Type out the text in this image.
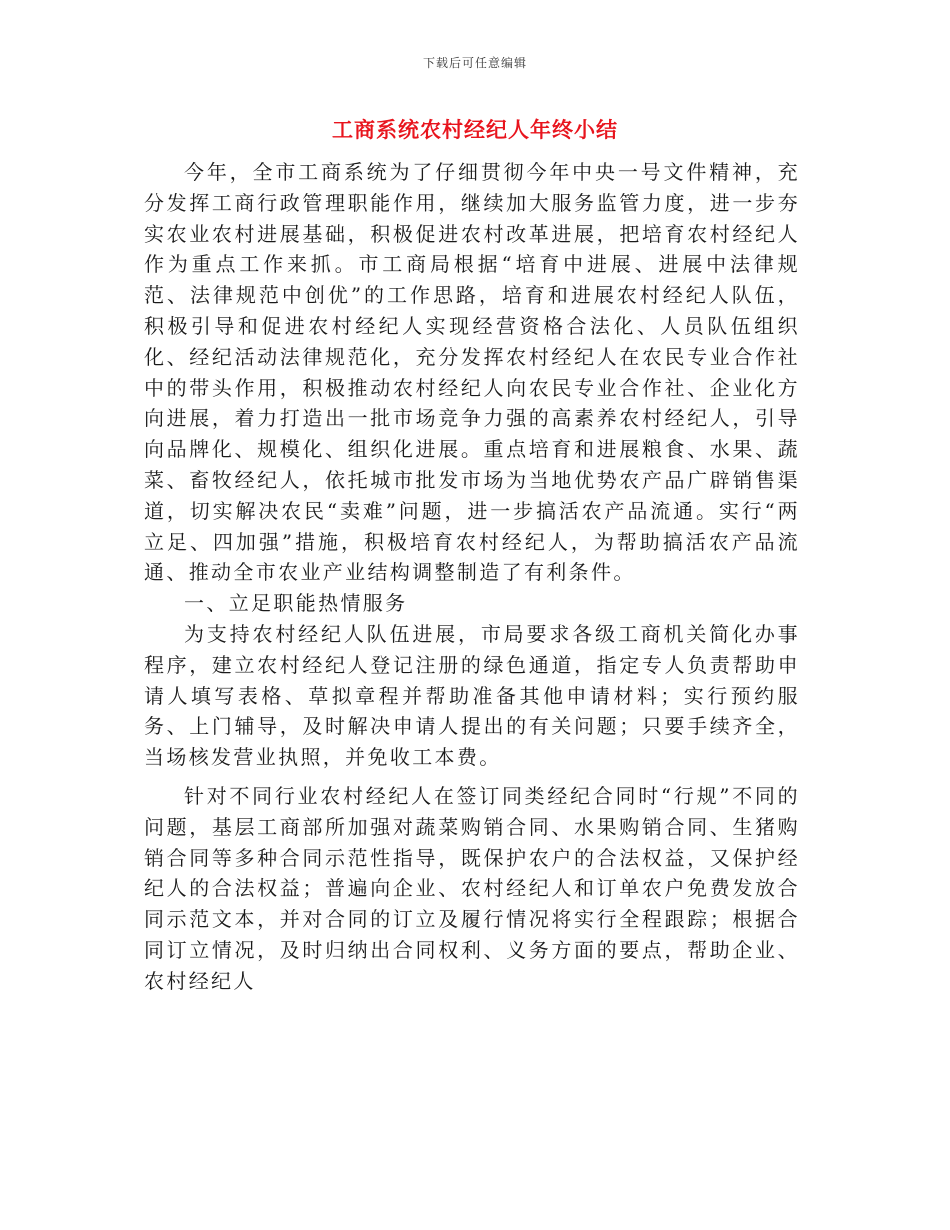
下载后可任意编辑
工商系统农村经纪人年终小结

今年，全市工商系统为了仔细贯彻今年中央一号文件精神，充分发挥工商行政管理职能作用，继续加大服务监管力度，进一步夯实农业农村进展基础，积极促进农村改革进展，把培育农村经纪人作为重点工作来抓。市工商局根据“培育中进展、进展中法律规范、法律规范中创优”的工作思路，培育和进展农村经纪人队伍，积极引导和促进农村经纪人实现经营资格合法化、人员队伍组织化、经纪活动法律规范化，充分发挥农村经纪人在农民专业合作社中的带头作用，积极推动农村经纪人向农民专业合作社、企业化方向进展，着力打造出一批市场竞争力强的高素养农村经纪人，引导向品牌化、规模化、组织化进展。重点培育和进展粮食、水果、蔬菜、畜牧经纪人，依托城市批发市场为当地优势农产品广辟销售渠道，切实解决农民“卖难”问题，进一步搞活农产品流通。实行“两立足、四加强”措施，积极培育农村经纪人，为帮助搞活农产品流通、推动全市农业产业结构调整制造了有利条件。

一、立足职能热情服务

为支持农村经纪人队伍进展，市局要求各级工商机关简化办事程序，建立农村经纪人登记注册的绿色通道，指定专人负责帮助申请人填写表格、草拟章程并帮助准备其他申请材料；实行预约服务、上门辅导，及时解决申请人提出的有关问题；只要手续齐全，当场核发营业执照，并免收工本费。

针对不同行业农村经纪人在签订同类经纪合同时“行规”不同的问题，基层工商部所加强对蔬菜购销合同、水果购销合同、生猪购销合同等多种合同示范性指导，既保护农户的合法权益，又保护经纪人的合法权益；普遍向企业、农村经纪人和订单农户免费发放合同示范文本，并对合同的订立及履行情况将实行全程跟踪；根据合同订立情况，及时归纳出合同权利、义务方面的要点，帮助企业、农村经纪人
